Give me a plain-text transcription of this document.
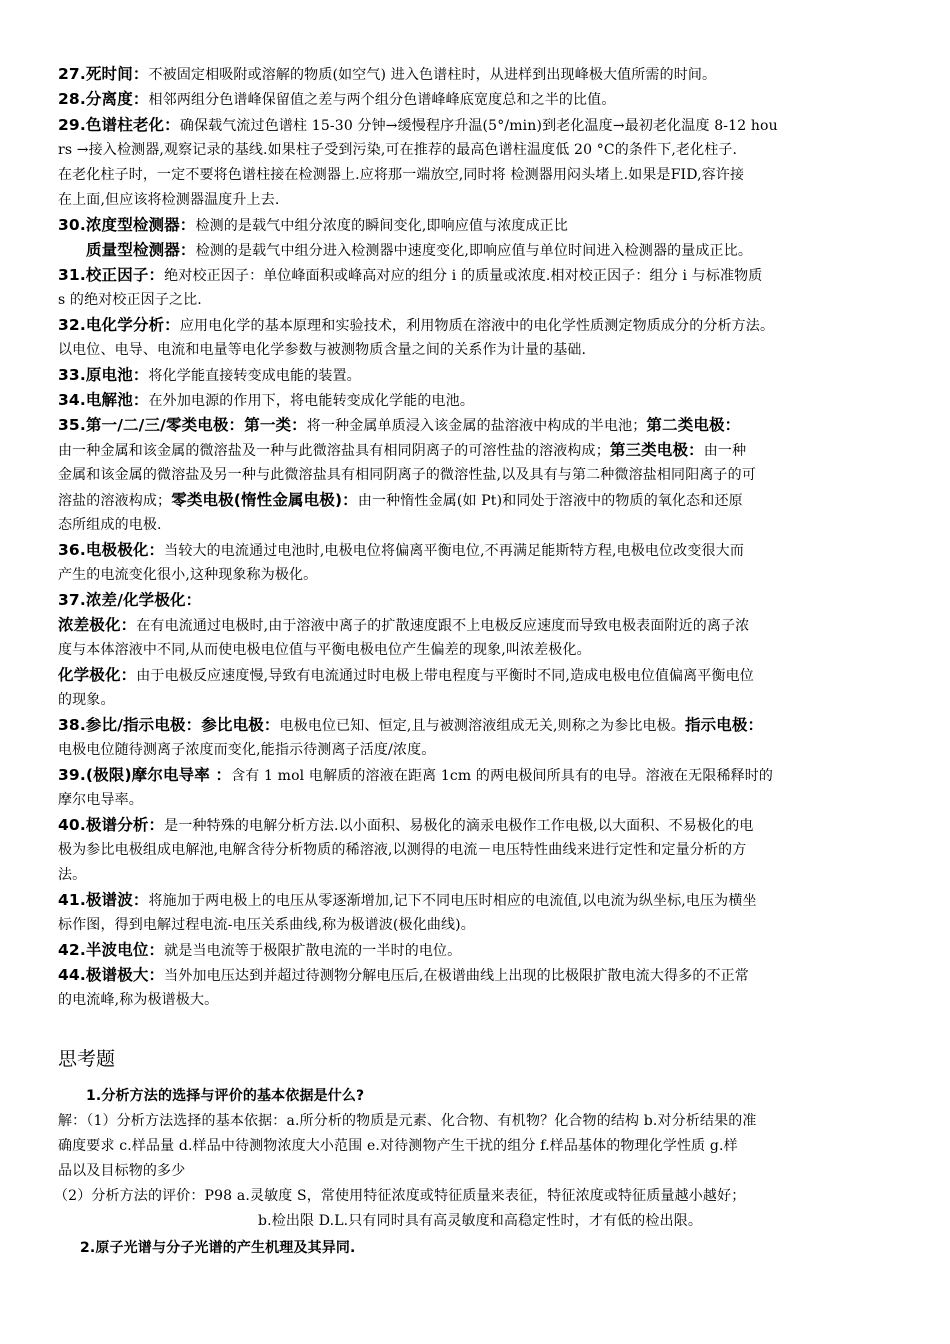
27.死时间：不被固定相吸附或溶解的物质(如空气) 进入色谱柱时，从进样到出现峰极大值所需的时间。
28.分离度：相邻两组分色谱峰保留值之差与两个组分色谱峰峰底宽度总和之半的比值。
29.色谱柱老化：确保载气流过色谱柱 15-30 分钟→缓慢程序升温(5°/min)到老化温度→最初老化温度 8-12 hou
rs →接入检测器,观察记录的基线.如果柱子受到污染,可在推荐的最高色谱柱温度低 20 °C的条件下,老化柱子.
在老化柱子时，一定不要将色谱柱接在检测器上.应将那一端放空,同时将 检测器用闷头堵上.如果是FID,容许接
在上面,但应该将检测器温度升上去.
30.浓度型检测器：检测的是载气中组分浓度的瞬间变化,即响应值与浓度成正比
质量型检测器：检测的是载气中组分进入检测器中速度变化,即响应值与单位时间进入检测器的量成正比。
31.校正因子：绝对校正因子：单位峰面积或峰高对应的组分 i 的质量或浓度.相对校正因子：组分 i 与标准物质
s 的绝对校正因子之比.
32.电化学分析：应用电化学的基本原理和实验技术，利用物质在溶液中的电化学性质测定物质成分的分析方法。
以电位、电导、电流和电量等电化学参数与被测物质含量之间的关系作为计量的基础.
33.原电池：将化学能直接转变成电能的装置。
34.电解池：在外加电源的作用下，将电能转变成化学能的电池。
35.第一/二/三/零类电极：第一类：将一种金属单质浸入该金属的盐溶液中构成的半电池；第二类电极：
由一种金属和该金属的微溶盐及一种与此微溶盐具有相同阴离子的可溶性盐的溶液构成；第三类电极：由一种
金属和该金属的微溶盐及另一种与此微溶盐具有相同阴离子的微溶性盐,以及具有与第二种微溶盐相同阳离子的可
溶盐的溶液构成；零类电极(惰性金属电极)：由一种惰性金属(如 Pt)和同处于溶液中的物质的氧化态和还原
态所组成的电极.
36.电极极化：当较大的电流通过电池时,电极电位将偏离平衡电位,不再满足能斯特方程,电极电位改变很大而
产生的电流变化很小,这种现象称为极化。
37.浓差/化学极化：
浓差极化：在有电流通过电极时,由于溶液中离子的扩散速度跟不上电极反应速度而导致电极表面附近的离子浓
度与本体溶液中不同,从而使电极电位值与平衡电极电位产生偏差的现象,叫浓差极化。
化学极化：由于电极反应速度慢,导致有电流通过时电极上带电程度与平衡时不同,造成电极电位值偏离平衡电位
的现象。
38.参比/指示电极：参比电极：电极电位已知、恒定,且与被测溶液组成无关,则称之为参比电极。指示电极：
电极电位随待测离子浓度而变化,能指示待测离子活度/浓度。
39.(极限)摩尔电导率 ：含有 1 mol 电解质的溶液在距离 1cm 的两电极间所具有的电导。溶液在无限稀释时的
摩尔电导率。
40.极谱分析：是一种特殊的电解分析方法.以小面积、易极化的滴汞电极作工作电极,以大面积、不易极化的电
极为参比电极组成电解池,电解含待分析物质的稀溶液,以测得的电流－电压特性曲线来进行定性和定量分析的方
法。
41.极谱波：将施加于两电极上的电压从零逐渐增加,记下不同电压时相应的电流值,以电流为纵坐标,电压为横坐
标作图，得到电解过程电流-电压关系曲线,称为极谱波(极化曲线)。
42.半波电位：就是当电流等于极限扩散电流的一半时的电位。
44.极谱极大：当外加电压达到并超过待测物分解电压后,在极谱曲线上出现的比极限扩散电流大得多的不正常
的电流峰,称为极谱极大。
思考题
1.分析方法的选择与评价的基本依据是什么?
解：（1）分析方法选择的基本依据：a.所分析的物质是元素、化合物、有机物？化合物的结构 b.对分析结果的准
确度要求 c.样品量 d.样品中待测物浓度大小范围 e.对待测物产生干扰的组分 f.样品基体的物理化学性质 g.样
品以及目标物的多少
（2）分析方法的评价：P98 a.灵敏度 S，常使用特征浓度或特征质量来表征，特征浓度或特征质量越小越好；
b.检出限 D.L.只有同时具有高灵敏度和高稳定性时，才有低的检出限。
2.原子光谱与分子光谱的产生机理及其异同.
